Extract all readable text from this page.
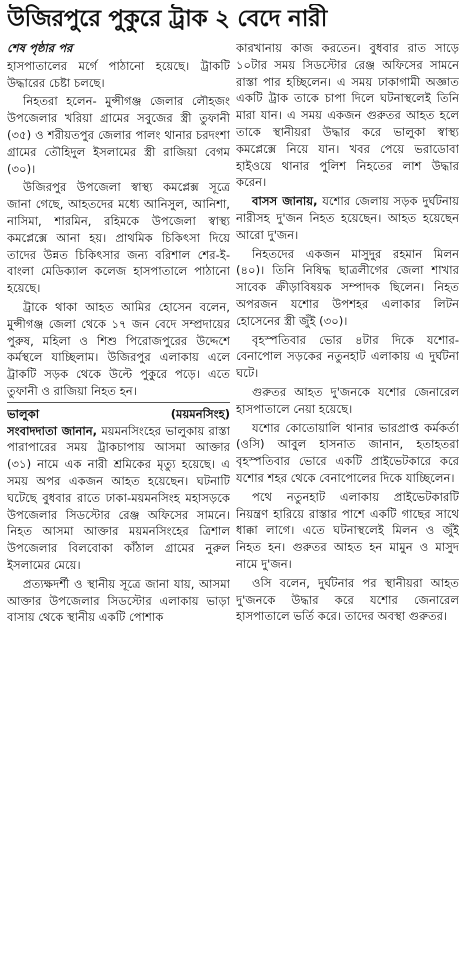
উজিরপুরে পুকুরে ট্রাক ২ বেদে নারী
শেষ পৃষ্ঠার পর

হাসপাতালের মর্গে পাঠানো হয়েছে। ট্রাকটি উদ্ধারের চেষ্টা চলছে।

নিহতরা হলেন- মুন্সীগঞ্জ জেলার লৌহজং উপজেলার খরিয়া গ্রামের সবুজের স্ত্রী তুফানী (৩৫) ও শরীয়তপুর জেলার পালং থানার চরদংশা গ্রামের তৌহিদুল ইসলামের স্ত্রী রাজিয়া বেগম (৩০)।

উজিরপুর উপজেলা স্বাস্থ্য কমপ্লেক্স সূত্রে জানা গেছে, আহতদের মধ্যে আনিসুল, আনিশা, নাসিমা, শারমিন, রহিমকে উপজেলা স্বাস্থ্য কমপ্লেক্সে আনা হয়। প্রাথমিক চিকিৎসা দিয়ে তাদের উন্নত চিকিৎসার জন্য বরিশাল শের-ই-বাংলা মেডিক্যাল কলেজ হাসপাতালে পাঠানো হয়েছে।

ট্রাকে থাকা আহত আমির হোসেন বলেন, মুন্সীগঞ্জ জেলা থেকে ১৭ জন বেদে সম্প্রদায়ের পুরুষ, মহিলা ও শিশু পিরোজপুরের উদ্দেশে কর্মস্থলে যাচ্ছিলাম। উজিরপুর এলাকায় এলে ট্রাকটি সড়ক থেকে উল্টে পুকুরে পড়ে। এতে তুফানী ও রাজিয়া নিহত হন।

ভালুকা	(ময়মনসিংহ)

সংবাদদাতা জানান, ময়মনসিংহের ভালুকায় রাস্তা পারাপারের সময় ট্রাকচাপায় আসমা আক্তার (৩১) নামে এক নারী শ্রমিকের মৃত্যু হয়েছে। এ সময় অপর একজন আহত হয়েছেন। ঘটনাটি ঘটেছে বুধবার রাতে ঢাকা-ময়মনসিংহ মহাসড়কে উপজেলার সিডস্টোর রেঞ্জ অফিসের সামনে। নিহত আসমা আক্তার ময়মনসিংহের ত্রিশাল উপজেলার বিলবোকা কাঁঠাল গ্রামের নুরুল ইসলামের মেয়ে।

প্রত্যক্ষদর্শী ও স্থানীয় সূত্রে জানা যায়, আসমা আক্তার উপজেলার সিডস্টোর এলাকায় ভাড়া বাসায় থেকে স্থানীয় একটি পোশাক

কারখানায় কাজ করতেন। বুধবার রাত সাড়ে ১০টার সময় সিডস্টোর রেঞ্জ অফিসের সামনে রাস্তা পার হচ্ছিলেন। এ সময় ঢাকাগামী অজ্ঞাত একটি ট্রাক তাকে চাপা দিলে ঘটনাস্থলেই তিনি মারা যান। এ সময় একজন গুরুতর আহত হলে তাকে স্থানীয়রা উদ্ধার করে ভালুকা স্বাস্থ্য কমপ্লেক্সে নিয়ে যান। খবর পেয়ে ভরাডোবা হাইওয়ে থানার পুলিশ নিহতের লাশ উদ্ধার করেন।

বাসস জানায়, যশোর জেলায় সড়ক দুর্ঘটনায় নারীসহ দু'জন নিহত হয়েছেন। আহত হয়েছেন আরো দু'জন।

নিহতদের একজন মাসুদুর রহমান মিলন (৪০)। তিনি নিষিদ্ধ ছাত্রলীগের জেলা শাখার সাবেক ক্রীড়াবিষয়ক সম্পাদক ছিলেন। নিহত অপরজন যশোর উপশহর এলাকার লিটন হোসেনের স্ত্রী জুঁই (৩০)।

বৃহস্পতিবার ভোর ৪টার দিকে যশোর-বেনাপোল সড়কের নতুনহাট এলাকায় এ দুর্ঘটনা ঘটে।

গুরুতর আহত দু'জনকে যশোর জেনারেল হাসপাতালে নেয়া হয়েছে।

যশোর কোতোয়ালি থানার ভারপ্রাপ্ত কর্মকর্তা (ওসি) আবুল হাসনাত জানান, হতাহতরা বৃহস্পতিবার ভোরে একটি প্রাইভেটকারে করে যশোর শহর থেকে বেনাপোলের দিকে যাচ্ছিলেন।

পথে নতুনহাট এলাকায় প্রাইভেটকারটি নিয়ন্ত্রণ হারিয়ে রাস্তার পাশে একটি গাছের সাথে ধাক্কা লাগে। এতে ঘটনাস্থলেই মিলন ও জুঁই নিহত হন। গুরুতর আহত হন মামুন ও মাসুদ নামে দু'জন।

ওসি বলেন, দুর্ঘটনার পর স্থানীয়রা আহত দু'জনকে উদ্ধার করে যশোর জেনারেল হাসপাতালে ভর্তি করে। তাদের অবস্থা গুরুতর।
